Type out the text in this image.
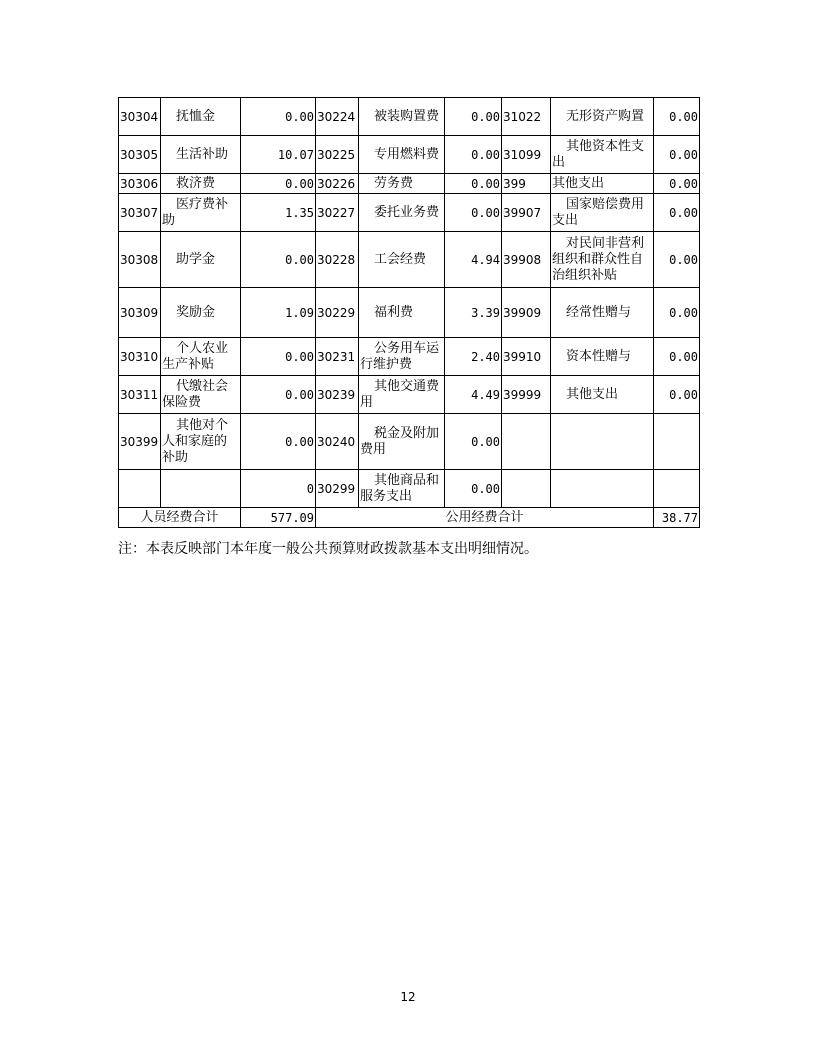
30304	抚恤金	0.00	30224	被装购置费	0.00	31022	无形资产购置	0.00
30305	生活补助	10.07	30225	专用燃料费	0.00	31099	其他资本性支出	0.00
30306	救济费	0.00	30226	劳务费	0.00	399	其他支出	0.00
30307	医疗费补助	1.35	30227	委托业务费	0.00	39907	国家赔偿费用支出	0.00
30308	助学金	0.00	30228	工会经费	4.94	39908	对民间非营利组织和群众性自治组织补贴	0.00
30309	奖励金	1.09	30229	福利费	3.39	39909	经常性赠与	0.00
30310	个人农业生产补贴	0.00	30231	公务用车运行维护费	2.40	39910	资本性赠与	0.00
30311	代缴社会保险费	0.00	30239	其他交通费用	4.49	39999	其他支出	0.00
30399	其他对个人和家庭的补助	0.00	30240	税金及附加费用	0.00			
		0	30299	其他商品和服务支出	0.00			
人员经费合计		577.09	公用经费合计					38.77
注：本表反映部门本年度一般公共预算财政拨款基本支出明细情况。
12
